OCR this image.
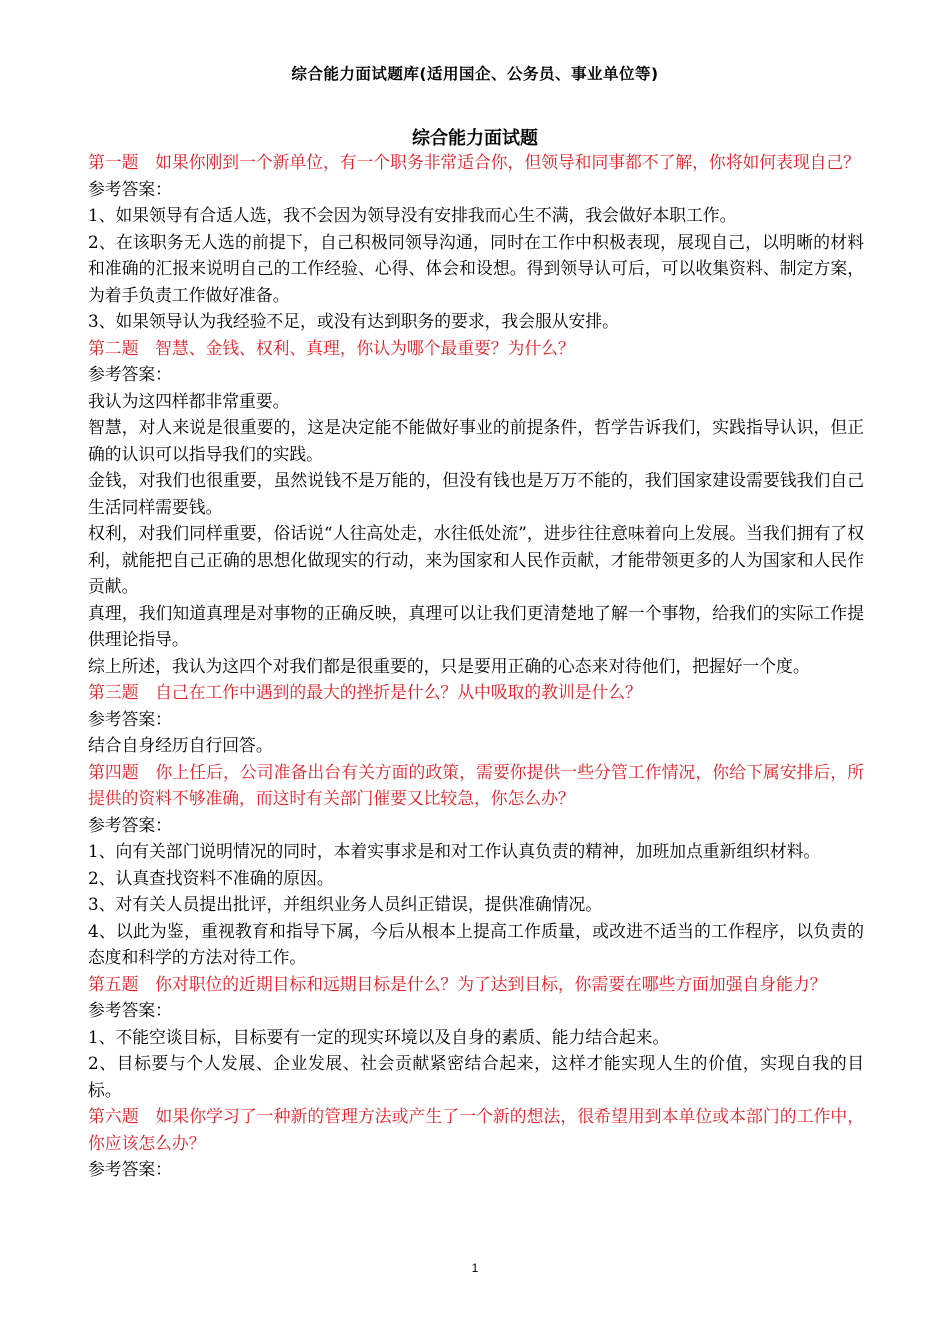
综合能力面试题库(适用国企、公务员、事业单位等)
综合能力面试题

第一题　如果你刚到一个新单位，有一个职务非常适合你，但领导和同事都不了解，你将如何表现自己？

参考答案：

1、如果领导有合适人选，我不会因为领导没有安排我而心生不满，我会做好本职工作。

2、在该职务无人选的前提下，自己积极同领导沟通，同时在工作中积极表现，展现自己，以明晰的材料和准确的汇报来说明自己的工作经验、心得、体会和设想。得到领导认可后，可以收集资料、制定方案，为着手负责工作做好准备。

3、如果领导认为我经验不足，或没有达到职务的要求，我会服从安排。

第二题　智慧、金钱、权利、真理，你认为哪个最重要？为什么？

参考答案：

我认为这四样都非常重要。

智慧，对人来说是很重要的，这是决定能不能做好事业的前提条件，哲学告诉我们，实践指导认识，但正确的认识可以指导我们的实践。

金钱，对我们也很重要，虽然说钱不是万能的，但没有钱也是万万不能的，我们国家建设需要钱我们自己生活同样需要钱。

权利，对我们同样重要，俗话说“人往高处走，水往低处流”，进步往往意味着向上发展。当我们拥有了权利，就能把自己正确的思想化做现实的行动，来为国家和人民作贡献，才能带领更多的人为国家和人民作贡献。

真理，我们知道真理是对事物的正确反映，真理可以让我们更清楚地了解一个事物，给我们的实际工作提供理论指导。

综上所述，我认为这四个对我们都是很重要的，只是要用正确的心态来对待他们，把握好一个度。

第三题　自己在工作中遇到的最大的挫折是什么？从中吸取的教训是什么？

参考答案：

结合自身经历自行回答。

第四题　你上任后，公司准备出台有关方面的政策，需要你提供一些分管工作情况，你给下属安排后，所提供的资料不够准确，而这时有关部门催要又比较急，你怎么办？

参考答案：

1、向有关部门说明情况的同时，本着实事求是和对工作认真负责的精神，加班加点重新组织材料。

2、认真查找资料不准确的原因。

3、对有关人员提出批评，并组织业务人员纠正错误，提供准确情况。

4、以此为鉴，重视教育和指导下属，今后从根本上提高工作质量，或改进不适当的工作程序，以负责的态度和科学的方法对待工作。

第五题　你对职位的近期目标和远期目标是什么？为了达到目标，你需要在哪些方面加强自身能力？

参考答案：

1、不能空谈目标，目标要有一定的现实环境以及自身的素质、能力结合起来。

2、目标要与个人发展、企业发展、社会贡献紧密结合起来，这样才能实现人生的价值，实现自我的目标。

第六题　如果你学习了一种新的管理方法或产生了一个新的想法，很希望用到本单位或本部门的工作中，你应该怎么办？

参考答案：

1
